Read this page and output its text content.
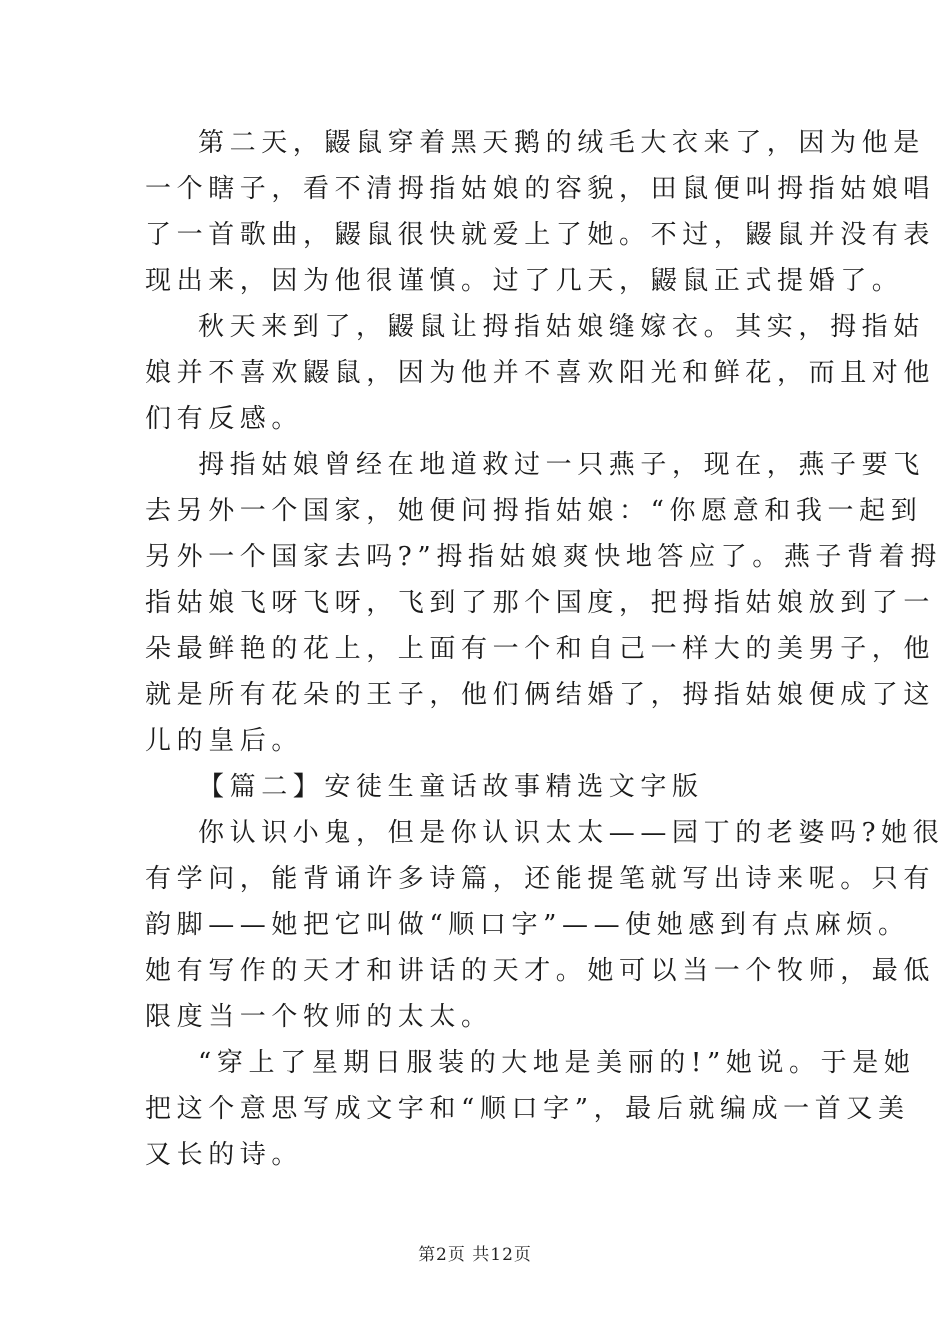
第二天，鼹鼠穿着黑天鹅的绒毛大衣来了，因为他是
一个瞎子，看不清拇指姑娘的容貌，田鼠便叫拇指姑娘唱
了一首歌曲，鼹鼠很快就爱上了她。不过，鼹鼠并没有表
现出来，因为他很谨慎。过了几天，鼹鼠正式提婚了。
秋天来到了，鼹鼠让拇指姑娘缝嫁衣。其实，拇指姑
娘并不喜欢鼹鼠，因为他并不喜欢阳光和鲜花，而且对他
们有反感。
拇指姑娘曾经在地道救过一只燕子，现在，燕子要飞
去另外一个国家，她便问拇指姑娘：“你愿意和我一起到
另外一个国家去吗?”拇指姑娘爽快地答应了。燕子背着拇
指姑娘飞呀飞呀，飞到了那个国度，把拇指姑娘放到了一
朵最鲜艳的花上，上面有一个和自己一样大的美男子，他
就是所有花朵的王子，他们俩结婚了，拇指姑娘便成了这
儿的皇后。
【篇二】安徒生童话故事精选文字版
你认识小鬼，但是你认识太太——园丁的老婆吗?她很
有学问，能背诵许多诗篇，还能提笔就写出诗来呢。只有
韵脚——她把它叫做“顺口字”——使她感到有点麻烦。
她有写作的天才和讲话的天才。她可以当一个牧师，最低
限度当一个牧师的太太。
“穿上了星期日服装的大地是美丽的!”她说。于是她
把这个意思写成文字和“顺口字”，最后就编成一首又美
又长的诗。
第2页 共12页
